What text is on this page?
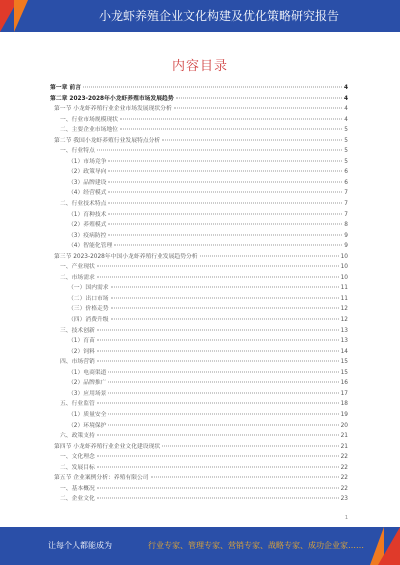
小龙虾养殖企业文化构建及优化策略研究报告
内容目录
第一章 前言	4
第二章 2023-2028年小龙虾养殖市场发展趋势	4
第一节 小龙虾养殖行业企业市场发展现状分析	4
一、行业市场规模现状	4
二、主要企业市场地位	5
第二节 我国小龙虾养殖行业发展特点分析	5
一、行业特点	5
（1）市场竞争	5
（2）政策导向	6
（3）品牌建设	6
（4）经营模式	7
二、行业技术特点	7
（1）育种技术	7
（2）养殖模式	8
（3）疫病防控	9
（4）智能化管理	9
第三节 2023-2028年中国小龙虾养殖行业发展趋势分析	10
一、产业现状	10
二、市场需求	10
（一）国内需求	11
（二）出口市场	11
（三）价格走势	12
（四）消费升级	12
三、技术创新	13
（1）育苗	13
（2）饲料	14
四、市场营销	15
（1）电商渠道	15
（2）品牌推广	16
（3）应用场景	17
五、行业监管	18
（1）质量安全	19
（2）环境保护	20
六、政策支持	21
第四节 小龙虾养殖行业企业文化建设现状	21
一、文化理念	22
二、发展目标	22
第五节 企业案例分析：养殖有限公司	22
一、基本概况	22
二、企业文化	23
1
让每个人都能成为	行业专家、管理专家、营销专家、战略专家、成功企业家……
